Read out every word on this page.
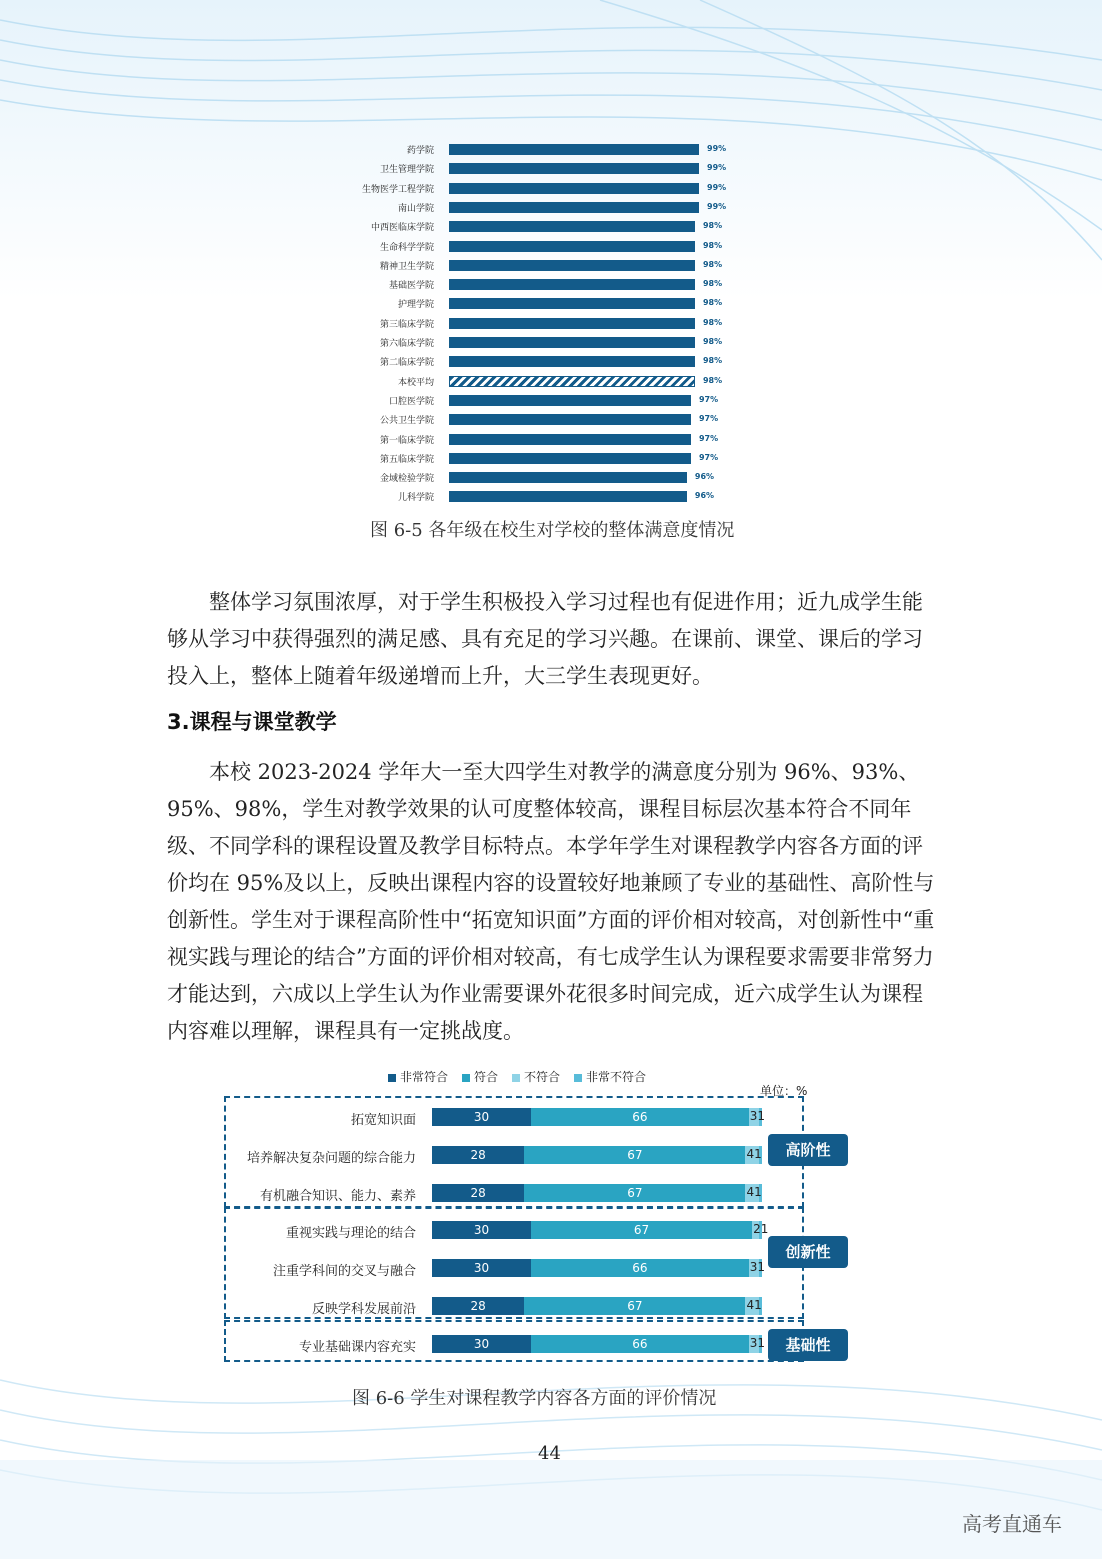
药学院	99%
卫生管理学院	99%
生物医学工程学院	99%
南山学院	99%
中西医临床学院	98%
生命科学学院	98%
精神卫生学院	98%
基础医学院	98%
护理学院	98%
第三临床学院	98%
第六临床学院	98%
第二临床学院	98%
本校平均	98%
口腔医学院	97%
公共卫生学院	97%
第一临床学院	97%
第五临床学院	97%
金域检验学院	96%
儿科学院	96%
图 6-5 各年级在校生对学校的整体满意度情况

整体学习氛围浓厚，对于学生积极投入学习过程也有促进作用；近九成学生能够从学习中获得强烈的满足感、具有充足的学习兴趣。在课前、课堂、课后的学习投入上，整体上随着年级递增而上升，大三学生表现更好。

3.课程与课堂教学

本校 2023-2024 学年大一至大四学生对教学的满意度分别为 96%、93%、95%、98%，学生对教学效果的认可度整体较高，课程目标层次基本符合不同年级、不同学科的课程设置及教学目标特点。本学年学生对课程教学内容各方面的评价均在 95%及以上，反映出课程内容的设置较好地兼顾了专业的基础性、高阶性与创新性。学生对于课程高阶性中“拓宽知识面”方面的评价相对较高，对创新性中“重视实践与理论的结合”方面的评价相对较高，有七成学生认为课程要求需要非常努力才能达到，六成以上学生认为作业需要课外花很多时间完成，近六成学生认为课程内容难以理解，课程具有一定挑战度。

非常符合 符合 不符合 非常不符合
单位：%
拓宽知识面	30	66	31
培养解决复杂问题的综合能力	28	67	41
有机融合知识、能力、素养	28	67	41
重视实践与理论的结合	30	67	21
注重学科间的交叉与融合	30	66	31
反映学科发展前沿	28	67	41
专业基础课内容充实	30	66	31
高阶性
创新性
基础性
图 6-6 学生对课程教学内容各方面的评价情况
44
高考直通车
